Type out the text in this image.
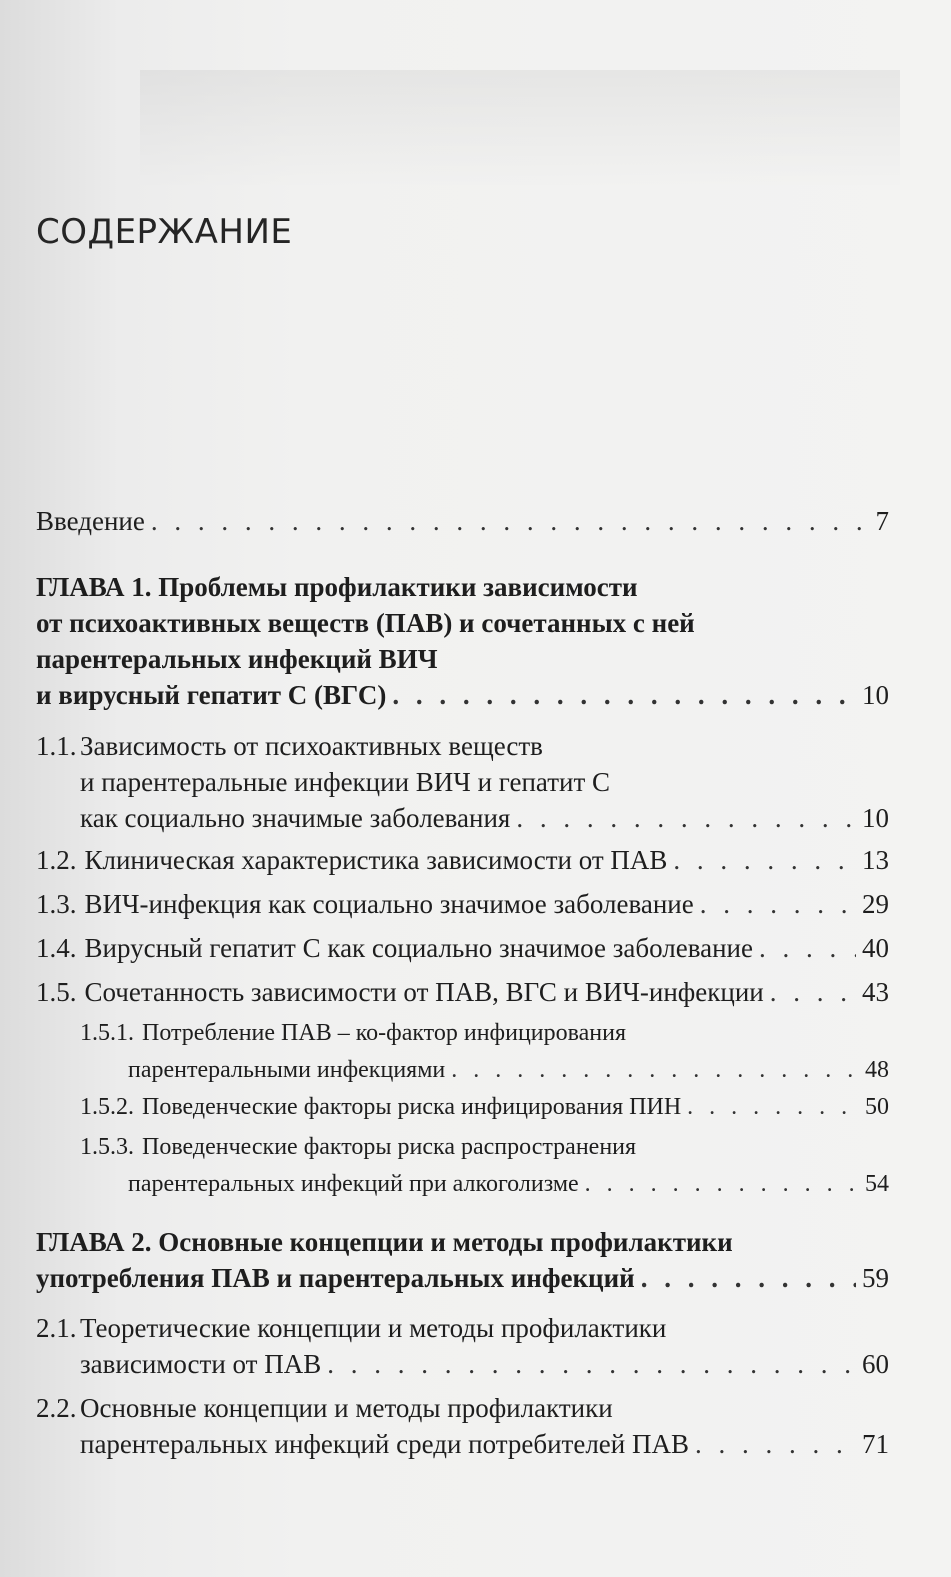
СОДЕРЖАНИЕ
Введение . . .	7
ГЛАВА 1. Проблемы профилактики зависимости
от психоактивных веществ (ПАВ) и сочетанных с ней
парентеральных инфекций ВИЧ
и вирусный гепатит С (ВГС) . . .	10
1.1. Зависимость от психоактивных веществ
и парентеральные инфекции ВИЧ и гепатит С
как социально значимые заболевания . . .	10
1.2. Клиническая характеристика зависимости от ПАВ . . .	13
1.3. ВИЧ-инфекция как социально значимое заболевание . . .	29
1.4. Вирусный гепатит С как социально значимое заболевание . . .	40
1.5. Сочетанность зависимости от ПАВ, ВГС и ВИЧ-инфекции . . .	43
1.5.1. Потребление ПАВ – ко-фактор инфицирования
парентеральными инфекциями . . .	48
1.5.2. Поведенческие факторы риска инфицирования ПИН . . .	50
1.5.3. Поведенческие факторы риска распространения
парентеральных инфекций при алкоголизме . . .	54
ГЛАВА 2. Основные концепции и методы профилактики
употребления ПАВ и парентеральных инфекций . . .	59
2.1. Теоретические концепции и методы профилактики
зависимости от ПАВ . . .	60
2.2. Основные концепции и методы профилактики
парентеральных инфекций среди потребителей ПАВ . . .	71
